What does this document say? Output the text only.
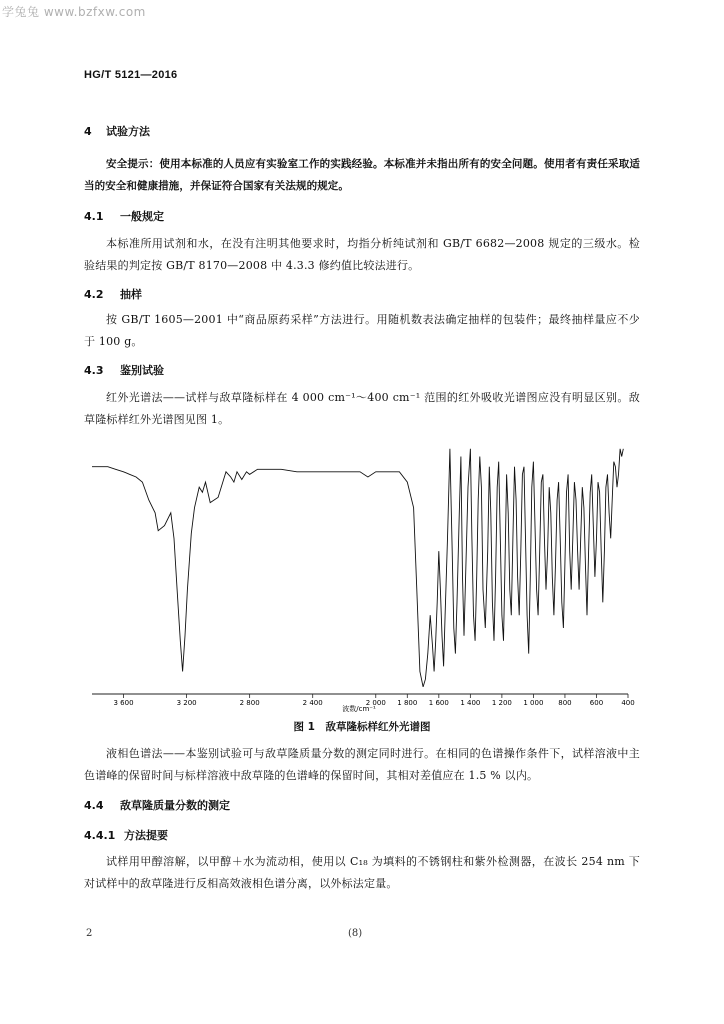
学兔兔 www.bzfxw.com
HG/T 5121—2016
4 试验方法
安全提示：使用本标准的人员应有实验室工作的实践经验。本标准并未指出所有的安全问题。使用者有责任采取适当的安全和健康措施，并保证符合国家有关法规的规定。
4.1 一般规定
本标准所用试剂和水，在没有注明其他要求时，均指分析纯试剂和 GB/T 6682—2008 规定的三级水。检验结果的判定按 GB/T 8170—2008 中 4.3.3 修约值比较法进行。
4.2 抽样
按 GB/T 1605—2001 中“商品原药采样”方法进行。用随机数表法确定抽样的包装件；最终抽样量应不少于 100 g。
4.3 鉴别试验
红外光谱法——试样与敌草隆标样在 4 000 cm⁻¹～400 cm⁻¹ 范围的红外吸收光谱图应没有明显区别。敌草隆标样红外光谱图见图 1。
3 600	3 200	2 800	2 400	2 000 1 800 1 600 1 400 1 200 1 000 800	600	400
波数/cm⁻¹
图 1　敌草隆标样红外光谱图
液相色谱法——本鉴别试验可与敌草隆质量分数的测定同时进行。在相同的色谱操作条件下，试样溶液中主色谱峰的保留时间与标样溶液中敌草隆的色谱峰的保留时间，其相对差值应在 1.5 % 以内。
4.4 敌草隆质量分数的测定
4.4.1 方法提要
试样用甲醇溶解，以甲醇＋水为流动相，使用以 C₁₈ 为填料的不锈钢柱和紫外检测器，在波长 254 nm 下对试样中的敌草隆进行反相高效液相色谱分离，以外标法定量。
2	(8)
